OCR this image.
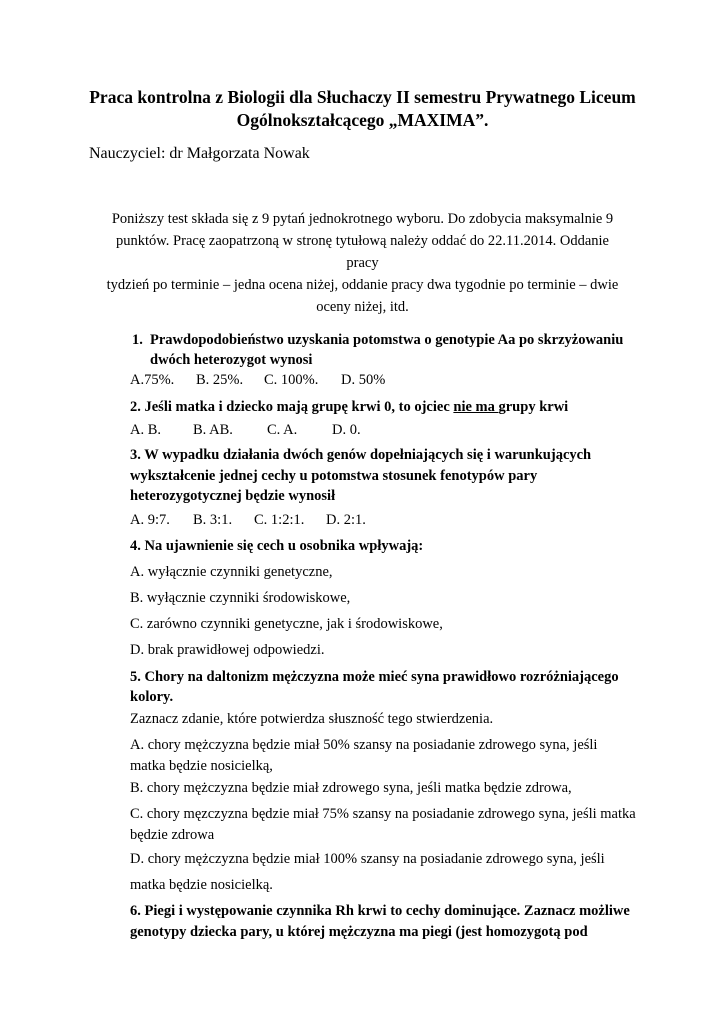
Praca kontrolna z Biologii dla Słuchaczy II semestru Prywatnego Liceum
Ogólnokształcącego „MAXIMA”.
Nauczyciel: dr Małgorzata Nowak
Poniższy test składa się z 9 pytań jednokrotnego wyboru. Do zdobycia maksymalnie 9
punktów. Pracę zaopatrzoną w stronę tytułową należy oddać do 22.11.2014. Oddanie pracy
tydzień po terminie – jedna ocena niżej, oddanie pracy dwa tygodnie po terminie – dwie
oceny niżej, itd.
1. Prawdopodobieństwo uzyskania potomstwa o genotypie Aa po skrzyżowaniu
dwóch heterozygot wynosi
A.75%. B. 25%. C. 100%. D. 50%
2. Jeśli matka i dziecko mają grupę krwi 0, to ojciec nie ma grupy krwi
A. B. B. AB. C. A. D. 0.
3. W wypadku działania dwóch genów dopełniających się i warunkujących
wykształcenie jednej cechy u potomstwa stosunek fenotypów pary
heterozygotycznej będzie wynosił
A. 9:7. B. 3:1. C. 1:2:1. D. 2:1.
4. Na ujawnienie się cech u osobnika wpływają:
A. wyłącznie czynniki genetyczne,
B. wyłącznie czynniki środowiskowe,
C. zarówno czynniki genetyczne, jak i środowiskowe,
D. brak prawidłowej odpowiedzi.
5. Chory na daltonizm mężczyzna może mieć syna prawidłowo rozróżniającego
kolory.
Zaznacz zdanie, które potwierdza słuszność tego stwierdzenia.
A. chory mężczyzna będzie miał 50% szansy na posiadanie zdrowego syna, jeśli
matka będzie nosicielką,
B. chory mężczyzna będzie miał zdrowego syna, jeśli matka będzie zdrowa,
C. chory męzczyzna będzie miał 75% szansy na posiadanie zdrowego syna, jeśli matka
będzie zdrowa
D. chory mężczyzna będzie miał 100% szansy na posiadanie zdrowego syna, jeśli
matka będzie nosicielką.
6. Piegi i występowanie czynnika Rh krwi to cechy dominujące. Zaznacz możliwe
genotypy dziecka pary, u której mężczyzna ma piegi (jest homozygotą pod
